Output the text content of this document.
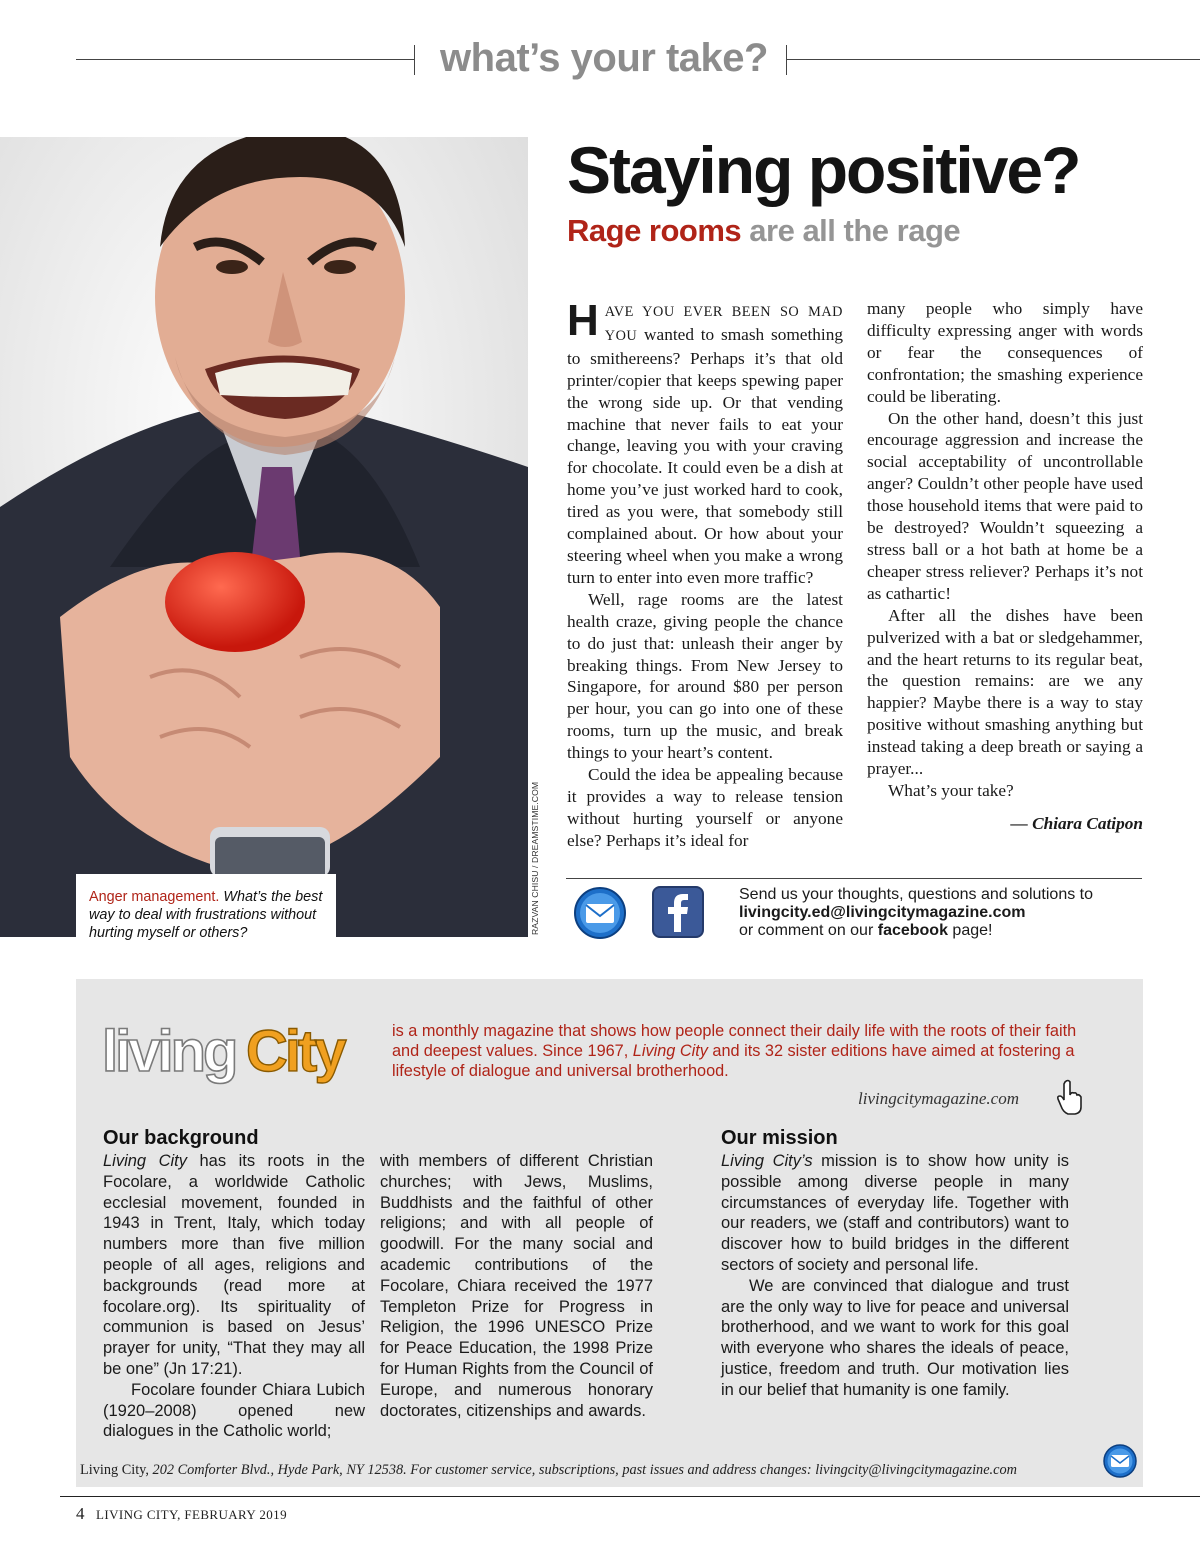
what’s your take?
Anger management. What’s the best way to deal with frustrations without hurting myself or others?	RAZVAN CHISU / DREAMSTIME.COM
Staying positive?
Rage rooms are all the rage

HAVE YOU EVER BEEN SO MAD YOU wanted to smash something to smithereens? Perhaps it’s that old printer/copier that keeps spewing paper the wrong side up. Or that vending machine that never fails to eat your change, leaving you with your craving for chocolate. It could even be a dish at home you’ve just worked hard to cook, tired as you were, that somebody still complained about. Or how about your steering wheel when you make a wrong turn to enter into even more traffic?

Well, rage rooms are the latest health craze, giving people the chance to do just that: unleash their anger by breaking things. From New Jersey to Singapore, for around $80 per person per hour, you can go into one of these rooms, turn up the music, and break things to your heart’s content.

Could the idea be appealing because it provides a way to release tension without hurting yourself or anyone else? Perhaps it’s ideal for

many people who simply have difficulty expressing anger with words or fear the consequences of confrontation; the smashing experience could be liberating.

On the other hand, doesn’t this just encourage aggression and increase the social acceptability of uncontrollable anger? Couldn’t other people have used those household items that were paid to be destroyed? Wouldn’t squeezing a stress ball or a hot bath at home be a cheaper stress reliever? Perhaps it’s not as cathartic!

After all the dishes have been pulverized with a bat or sledgehammer, and the heart returns to its regular beat, the question remains: are we any happier? Maybe there is a way to stay positive without smashing anything but instead taking a deep breath or saying a prayer...

What’s your take?

— Chiara Catipon
Send us your thoughts, questions and solutions to
livingcity.ed@livingcitymagazine.com
or comment on our facebook page!
living City	is a monthly magazine that shows how people connect their daily life with the roots of their faith and deepest values. Since 1967, Living City and its 32 sister editions have aimed at fostering a lifestyle of dialogue and universal brotherhood.
livingcitymagazine.com
Our background

Living City has its roots in the Focolare, a worldwide Catholic ecclesial movement, founded in 1943 in Trent, Italy, which today numbers more than five million people of all ages, religions and backgrounds (read more at focolare.org). Its spirituality of communion is based on Jesus’ prayer for unity, “That they may all be one” (Jn 17:21).

Focolare founder Chiara Lubich (1920–2008) opened new dialogues in the Catholic world;

with members of different Christian churches; with Jews, Muslims, Buddhists and the faithful of other religions; and with all people of goodwill. For the many social and academic contributions of the Focolare, Chiara received the 1977 Templeton Prize for Progress in Religion, the 1996 UNESCO Prize for Peace Education, the 1998 Prize for Human Rights from the Council of Europe, and numerous honorary doctorates, citizenships and awards.

Our mission

Living City’s mission is to show how unity is possible among diverse people in many circumstances of everyday life. Together with our readers, we (staff and contributors) want to discover how to build bridges in the different sectors of society and personal life.

We are convinced that dialogue and trust are the only way to live for peace and universal brotherhood, and we want to work for this goal with everyone who shares the ideals of peace, justice, freedom and truth. Our motivation lies in our belief that humanity is one family.

Living City, 202 Comforter Blvd., Hyde Park, NY 12538. For customer service, subscriptions, past issues and address changes: livingcity@livingcitymagazine.com
4 LIVING CITY, FEBRUARY 2019
